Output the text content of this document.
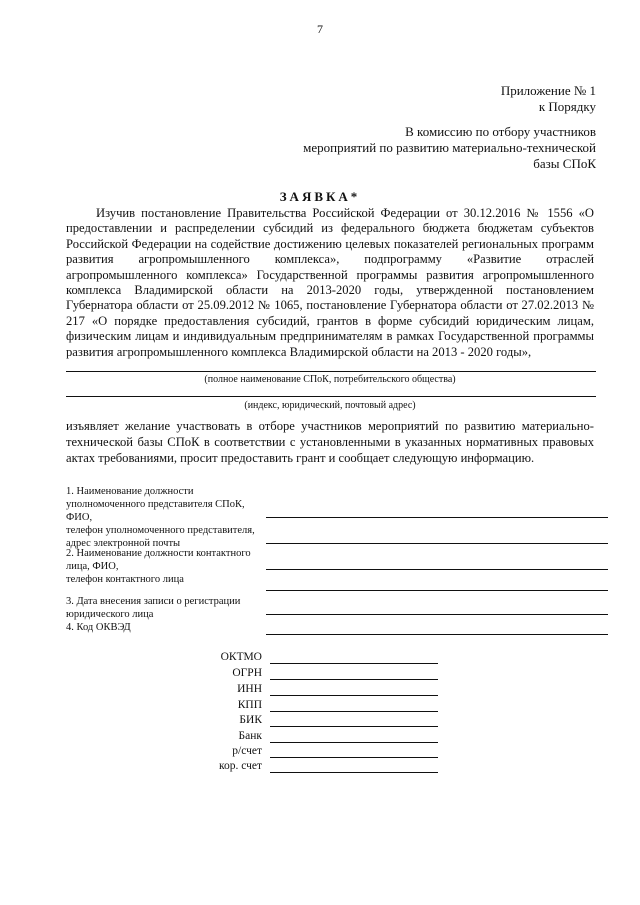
7
Приложение № 1
к Порядку
В комиссию по отбору участников
мероприятий по развитию материально-технической
базы СПоК
ЗАЯВКА*
Изучив постановление Правительства Российской Федерации от 30.12.2016 № 1556 «О предоставлении и распределении субсидий из федерального бюджета бюджетам субъектов Российской Федерации на содействие достижению целевых показателей региональных программ развития агропромышленного комплекса», подпрограмму «Развитие отраслей агропромышленного комплекса» Государственной программы развития агропромышленного комплекса Владимирской области на 2013-2020 годы, утвержденной постановлением Губернатора области от 25.09.2012 № 1065, постановление Губернатора области от 27.02.2013 № 217 «О порядке предоставления субсидий, грантов в форме субсидий юридическим лицам, физическим лицам и индивидуальным предпринимателям в рамках Государственной программы развития агропромышленного комплекса Владимирской области на 2013 - 2020 годы»,
(полное наименование СПоК, потребительского общества)
(индекс, юридический, почтовый адрес)
изъявляет желание участвовать в отборе участников мероприятий по развитию материально-технической базы СПоК в соответствии с установленными в указанных нормативных правовых актах требованиями, просит предоставить грант и сообщает следующую информацию.
1. Наименование должности
уполномоченного представителя СПоК,
ФИО,
телефон уполномоченного представителя,
адрес электронной почты
2. Наименование должности контактного
лица, ФИО,
телефон контактного лица
3. Дата внесения записи о регистрации
юридического лица
4. Код ОКВЭД
ОКТМО
ОГРН
ИНН
КПП
БИК
Банк
р/счет
кор. счет
